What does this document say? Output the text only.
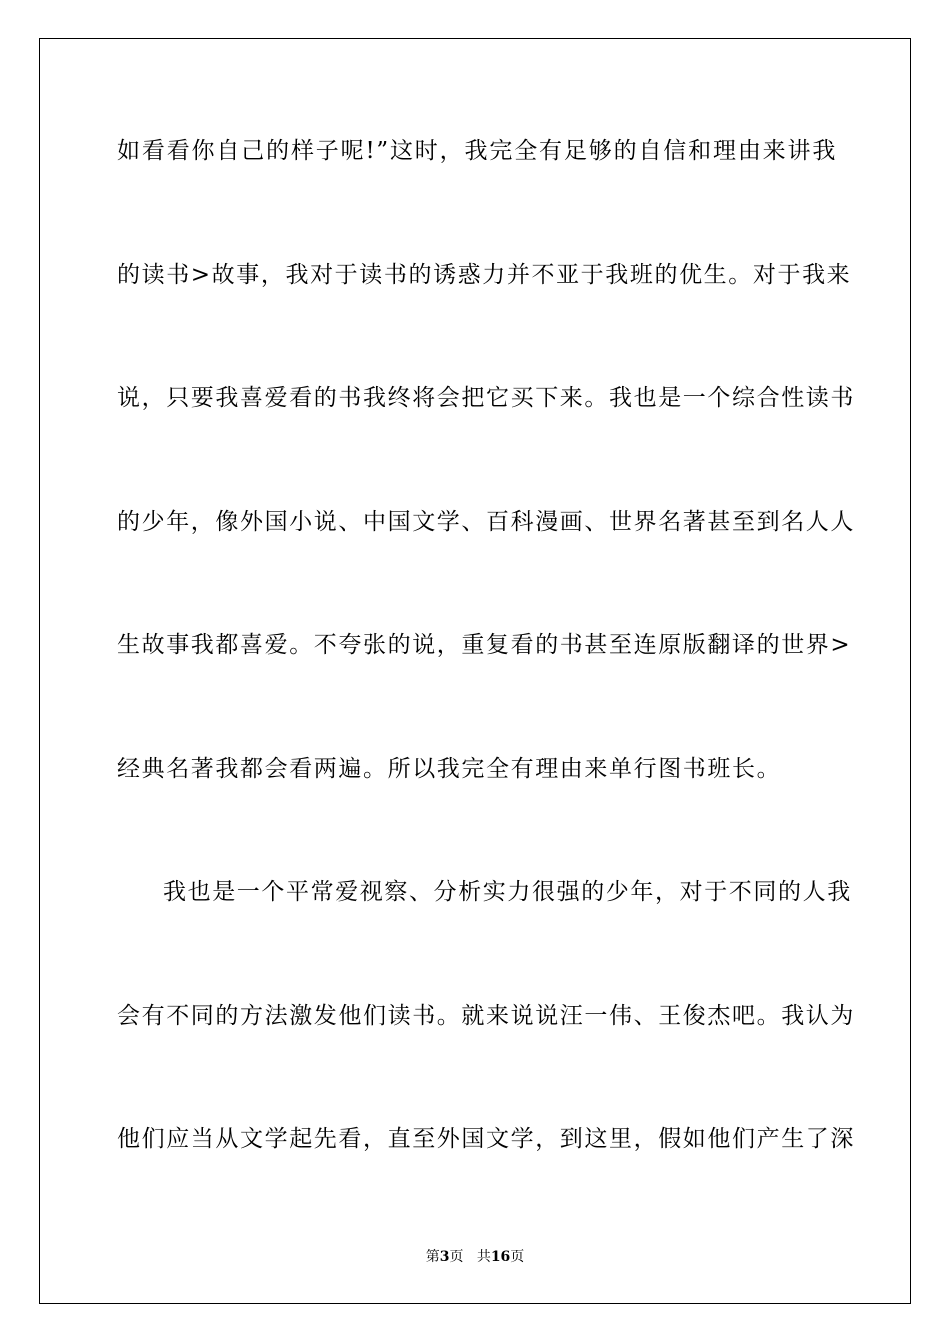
如看看你自己的样子呢!”这时，我完全有足够的自信和理由来讲我
的读书>故事，我对于读书的诱惑力并不亚于我班的优生。对于我来
说，只要我喜爱看的书我终将会把它买下来。我也是一个综合性读书
的少年，像外国小说、中国文学、百科漫画、世界名著甚至到名人人
生故事我都喜爱。不夸张的说，重复看的书甚至连原版翻译的世界>
经典名著我都会看两遍。所以我完全有理由来单行图书班长。
我也是一个平常爱视察、分析实力很强的少年，对于不同的人我
会有不同的方法激发他们读书。就来说说汪一伟、王俊杰吧。我认为
他们应当从文学起先看，直至外国文学，到这里，假如他们产生了深
第3页 共16页
